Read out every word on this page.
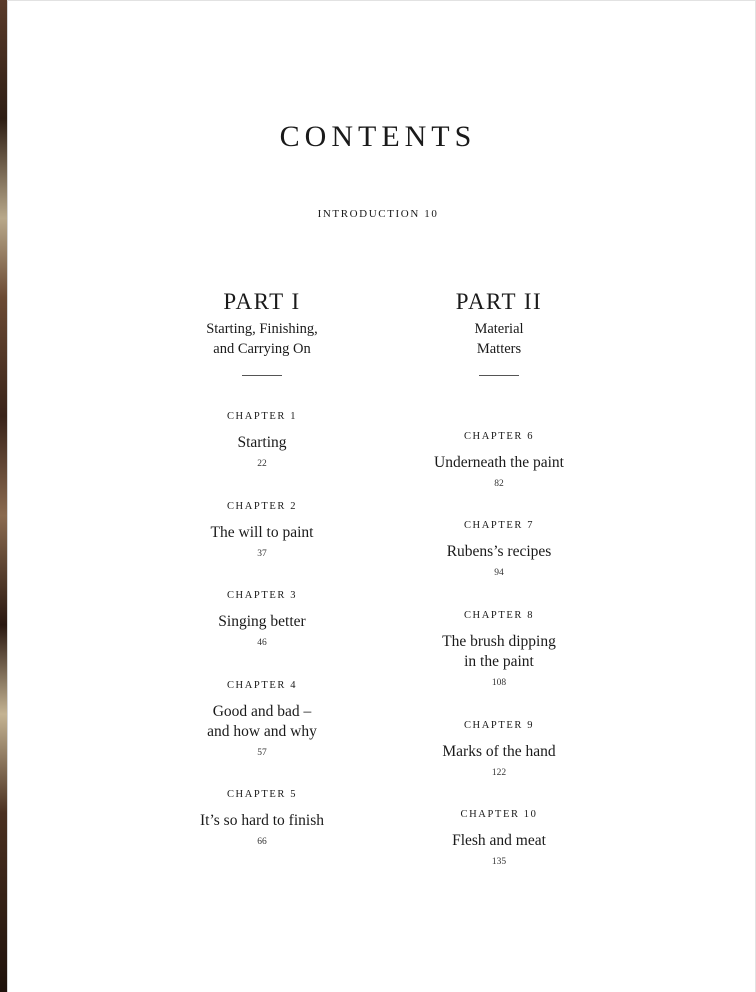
CONTENTS
INTRODUCTION 10
PART I
Starting, Finishing,
and Carrying On
CHAPTER 1
Starting
22
CHAPTER 2
The will to paint
37
CHAPTER 3
Singing better
46
CHAPTER 4
Good and bad –
and how and why
57
CHAPTER 5
It’s so hard to finish
66
PART II
Material
Matters
CHAPTER 6
Underneath the paint
82
CHAPTER 7
Rubens’s recipes
94
CHAPTER 8
The brush dipping
in the paint
108
CHAPTER 9
Marks of the hand
122
CHAPTER 10
Flesh and meat
135
